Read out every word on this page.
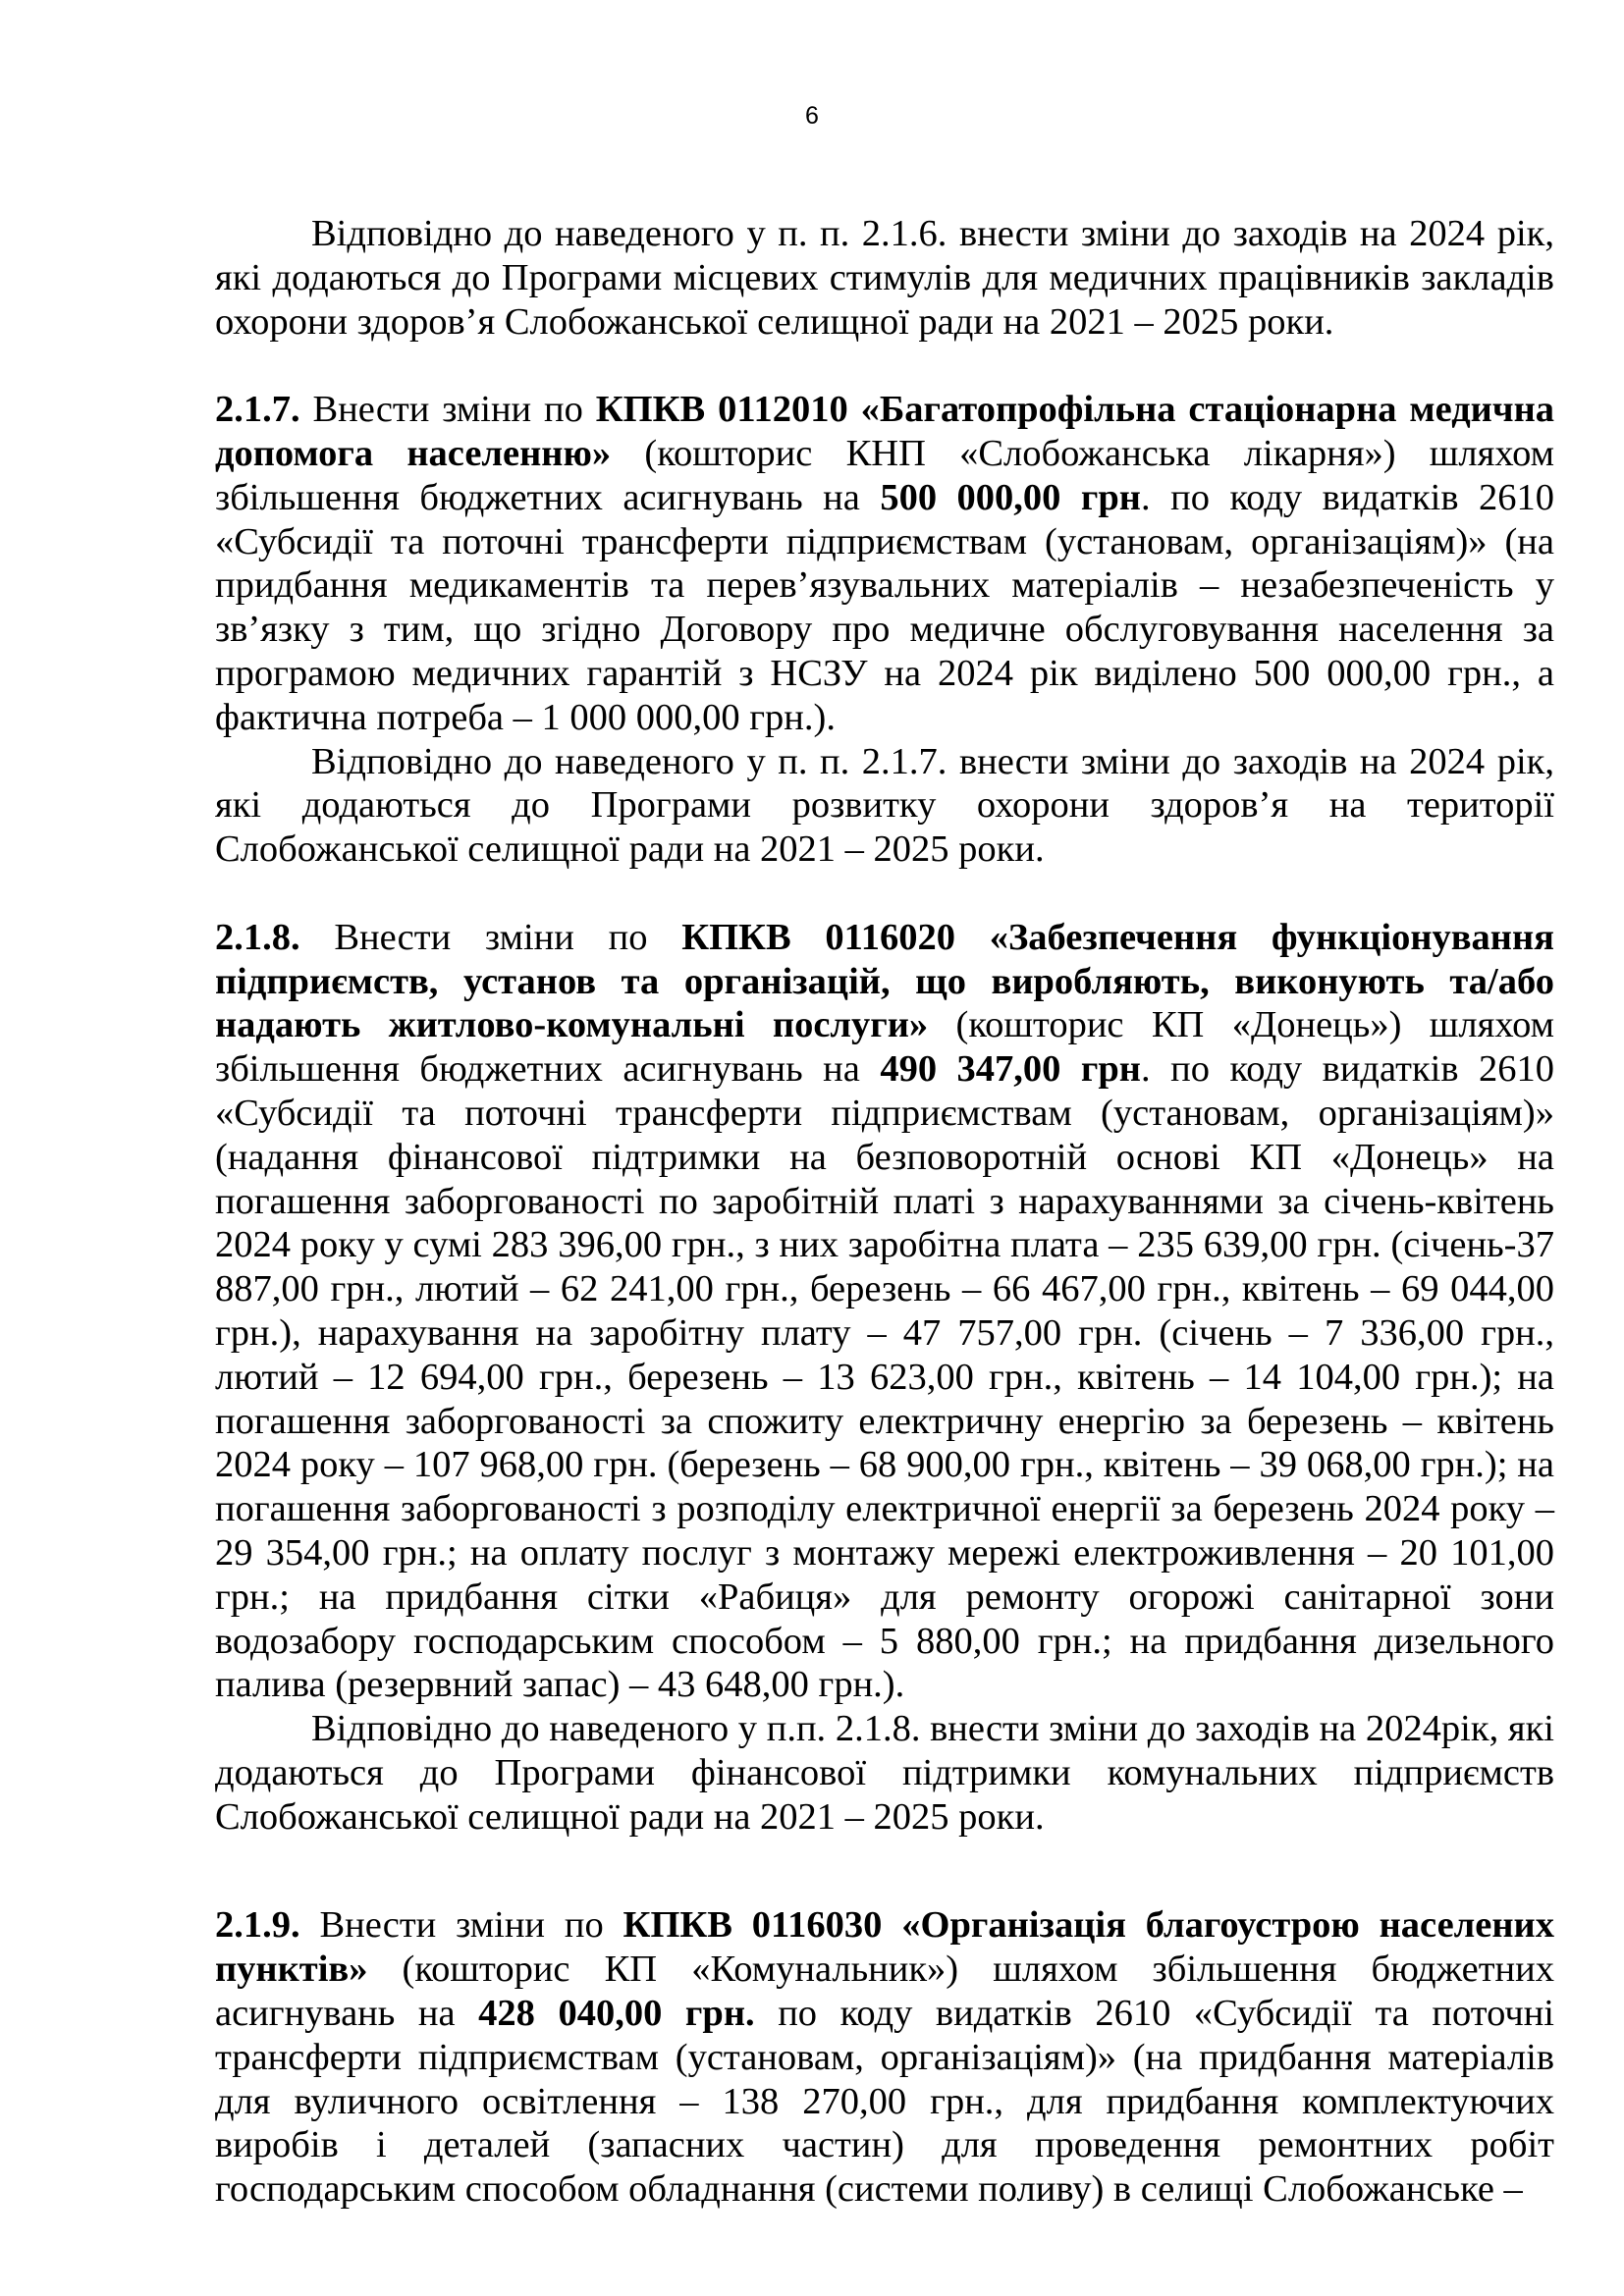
6

Відповідно до наведеного у п. п. 2.1.6. внести зміни до заходів на 2024 рік, які додаються до Програми місцевих стимулів для медичних працівників закладів охорони здоров’я Слобожанської селищної ради на 2021 – 2025 роки.

2.1.7. Внести зміни по КПКВ 0112010 «Багатопрофільна стаціонарна медична допомога населенню» (кошторис КНП «Слобожанська лікарня») шляхом збільшення бюджетних асигнувань на 500 000,00 грн. по коду видатків 2610 «Субсидії та поточні трансферти підприємствам (установам, організаціям)» (на придбання медикаментів та перев’язувальних матеріалів – незабезпеченість у зв’язку з тим, що згідно Договору про медичне обслуговування населення за програмою медичних гарантій з НСЗУ на 2024 рік виділено 500 000,00 грн., а фактична потреба – 1 000 000,00 грн.).

Відповідно до наведеного у п. п. 2.1.7. внести зміни до заходів на 2024 рік, які додаються до Програми розвитку охорони здоров’я на території Слобожанської селищної ради на 2021 – 2025 роки.

2.1.8. Внести зміни по КПКВ 0116020 «Забезпечення функціонування підприємств, установ та організацій, що виробляють, виконують та/або надають житлово-комунальні послуги» (кошторис КП «Донець») шляхом збільшення бюджетних асигнувань на 490 347,00 грн. по коду видатків 2610 «Субсидії та поточні трансферти підприємствам (установам, організаціям)» (надання фінансової підтримки на безповоротній основі КП «Донець» на погашення заборгованості по заробітній платі з нарахуваннями за січень-квітень 2024 року у сумі 283 396,00 грн., з них заробітна плата – 235 639,00 грн. (січень-37 887,00 грн., лютий – 62 241,00 грн., березень – 66 467,00 грн., квітень – 69 044,00 грн.), нарахування на заробітну плату – 47 757,00 грн. (січень – 7 336,00 грн., лютий – 12 694,00 грн., березень – 13 623,00 грн., квітень – 14 104,00 грн.); на погашення заборгованості за спожиту електричну енергію за березень – квітень 2024 року – 107 968,00 грн. (березень – 68 900,00 грн., квітень – 39 068,00 грн.); на погашення заборгованості з розподілу електричної енергії за березень 2024 року – 29 354,00 грн.; на оплату послуг з монтажу мережі електроживлення – 20 101,00 грн.; на придбання сітки «Рабиця» для ремонту огорожі санітарної зони водозабору господарським способом – 5 880,00 грн.; на придбання дизельного палива (резервний запас) – 43 648,00 грн.).

Відповідно до наведеного у п.п. 2.1.8. внести зміни до заходів на 2024рік, які додаються до Програми фінансової підтримки комунальних підприємств Слобожанської селищної ради на 2021 – 2025 роки.

2.1.9. Внести зміни по КПКВ 0116030 «Організація благоустрою населених пунктів» (кошторис КП «Комунальник») шляхом збільшення бюджетних асигнувань на 428 040,00 грн. по коду видатків 2610 «Субсидії та поточні трансферти підприємствам (установам, організаціям)» (на придбання матеріалів для вуличного освітлення – 138 270,00 грн., для придбання комплектуючих виробів і деталей (запасних частин) для проведення ремонтних робіт господарським способом обладнання (системи поливу) в селищі Слобожанське –
